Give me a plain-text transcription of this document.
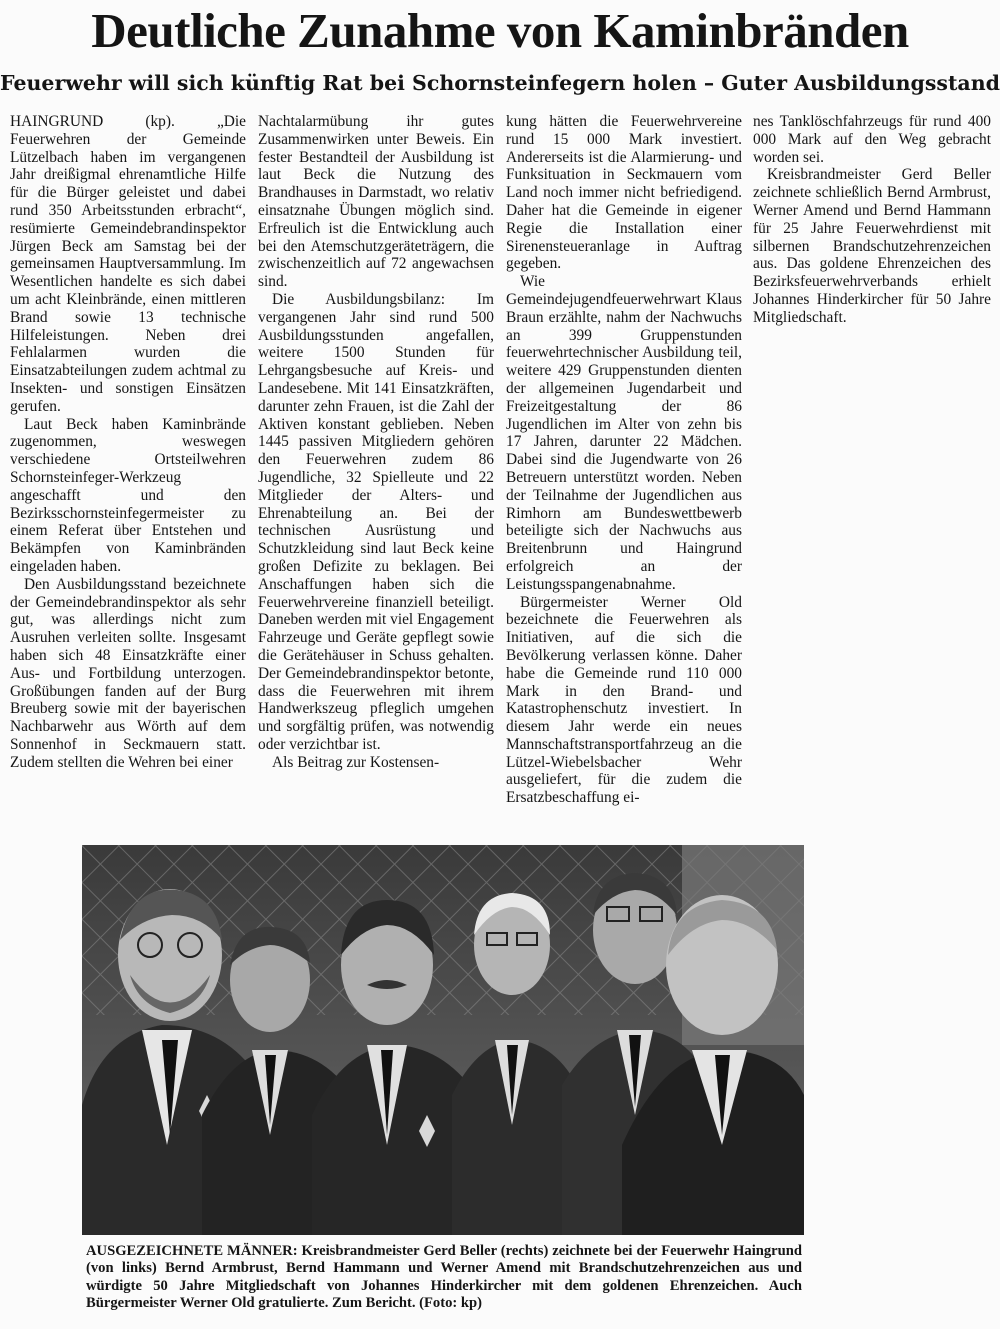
Deutliche Zunahme von Kaminbränden
Feuerwehr will sich künftig Rat bei Schornsteinfegern holen – Guter Ausbildungsstand

HAINGRUND (kp). „Die Feuerwehren der Gemeinde Lützelbach haben im vergangenen Jahr dreißigmal ehrenamtliche Hilfe für die Bürger geleistet und dabei rund 350 Arbeitsstunden erbracht“, resümierte Gemeindebrandinspektor Jürgen Beck am Samstag bei der gemeinsamen Hauptversammlung. Im Wesentlichen handelte es sich dabei um acht Kleinbrände, einen mittleren Brand sowie 13 technische Hilfeleistungen. Neben drei Fehlalarmen wurden die Einsatzabteilungen zudem achtmal zu Insekten- und sonstigen Einsätzen gerufen.

Laut Beck haben Kaminbrände zugenommen, weswegen verschiedene Ortsteilwehren Schornsteinfeger-Werkzeug angeschafft und den Bezirksschornsteinfegermeister zu einem Referat über Entstehen und Bekämpfen von Kaminbränden eingeladen haben.

Den Ausbildungsstand bezeichnete der Gemeindebrandinspektor als sehr gut, was allerdings nicht zum Ausruhen verleiten sollte. Insgesamt haben sich 48 Einsatzkräfte einer Aus- und Fortbildung unterzogen. Großübungen fanden auf der Burg Breuberg sowie mit der bayerischen Nachbarwehr aus Wörth auf dem Sonnenhof in Seckmauern statt. Zudem stellten die Wehren bei einer

Nachtalarmübung ihr gutes Zusammenwirken unter Beweis. Ein fester Bestandteil der Ausbildung ist laut Beck die Nutzung des Brandhauses in Darmstadt, wo relativ einsatznahe Übungen möglich sind. Erfreulich ist die Entwicklung auch bei den Atemschutzgeräteträgern, die zwischenzeitlich auf 72 angewachsen sind.

Die Ausbildungsbilanz: Im vergangenen Jahr sind rund 500 Ausbildungsstunden angefallen, weitere 1500 Stunden für Lehrgangsbesuche auf Kreis- und Landesebene. Mit 141 Einsatzkräften, darunter zehn Frauen, ist die Zahl der Aktiven konstant geblieben. Neben 1445 passiven Mitgliedern gehören den Feuerwehren zudem 86 Jugendliche, 32 Spielleute und 22 Mitglieder der Alters- und Ehrenabteilung an. Bei der technischen Ausrüstung und Schutzkleidung sind laut Beck keine großen Defizite zu beklagen. Bei Anschaffungen haben sich die Feuerwehrvereine finanziell beteiligt. Daneben werden mit viel Engagement Fahrzeuge und Geräte gepflegt sowie die Gerätehäuser in Schuss gehalten. Der Gemeindebrandinspektor betonte, dass die Feuerwehren mit ihrem Handwerkszeug pfleglich umgehen und sorgfältig prüfen, was notwendig oder verzichtbar ist.

Als Beitrag zur Kostensen-

kung hätten die Feuerwehrvereine rund 15 000 Mark investiert. Andererseits ist die Alarmierung- und Funksituation in Seckmauern vom Land noch immer nicht befriedigend. Daher hat die Gemeinde in eigener Regie die Installation einer Sirenensteueranlage in Auftrag gegeben.

Wie Gemeindejugendfeuerwehrwart Klaus Braun erzählte, nahm der Nachwuchs an 399 Gruppenstunden feuerwehrtechnischer Ausbildung teil, weitere 429 Gruppenstunden dienten der allgemeinen Jugendarbeit und Freizeitgestaltung der 86 Jugendlichen im Alter von zehn bis 17 Jahren, darunter 22 Mädchen. Dabei sind die Jugendwarte von 26 Betreuern unterstützt worden. Neben der Teilnahme der Jugendlichen aus Rimhorn am Bundeswettbewerb beteiligte sich der Nachwuchs aus Breitenbrunn und Haingrund erfolgreich an der Leistungsspangenabnahme.

Bürgermeister Werner Old bezeichnete die Feuerwehren als Initiativen, auf die sich die Bevölkerung verlassen könne. Daher habe die Gemeinde rund 110 000 Mark in den Brand- und Katastrophenschutz investiert. In diesem Jahr werde ein neues Mannschaftstransportfahrzeug an die Lützel-Wiebelsbacher Wehr ausgeliefert, für die zudem die Ersatzbeschaffung ei-

nes Tanklöschfahrzeugs für rund 400 000 Mark auf den Weg gebracht worden sei.

Kreisbrandmeister Gerd Beller zeichnete schließlich Bernd Armbrust, Werner Amend und Bernd Hammann für 25 Jahre Feuerwehrdienst mit silbernen Brandschutzehrenzeichen aus. Das goldene Ehrenzeichen des Bezirksfeuerwehrverbands erhielt Johannes Hinderkircher für 50 Jahre Mitgliedschaft.

AUSGEZEICHNETE MÄNNER: Kreisbrandmeister Gerd Beller (rechts) zeichnete bei der Feuerwehr Haingrund (von links) Bernd Armbrust, Bernd Hammann und Werner Amend mit Brandschutzehrenzeichen aus und würdigte 50 Jahre Mitgliedschaft von Johannes Hinderkircher mit dem goldenen Ehrenzeichen. Auch Bürgermeister Werner Old gratulierte. Zum Bericht. (Foto: kp)
